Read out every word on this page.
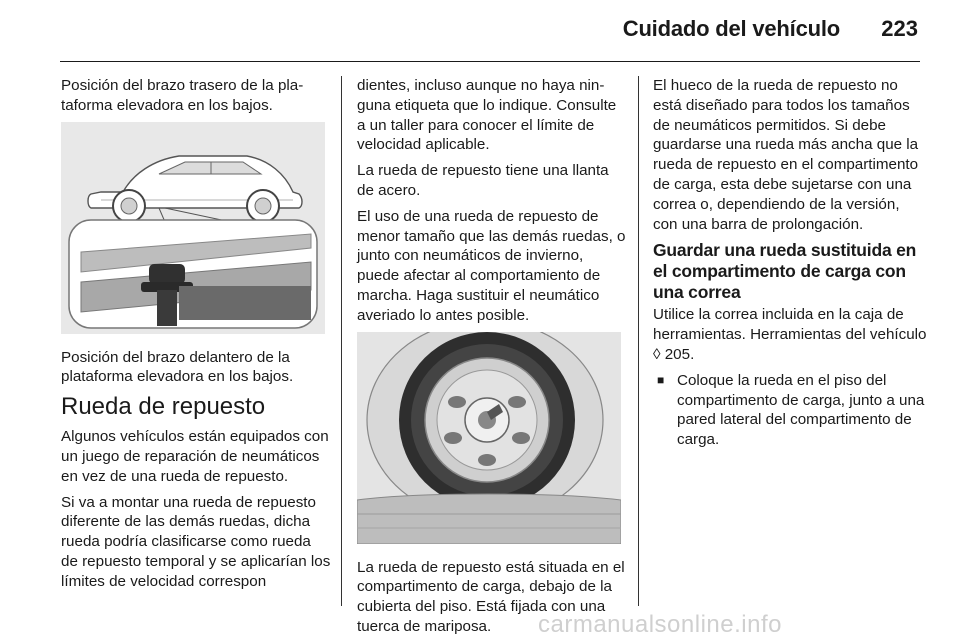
Cuidado del vehículo 223

Posición del brazo trasero de la plataforma elevadora en los bajos.

Posición del brazo delantero de la plataforma elevadora en los bajos.

Rueda de repuesto

Algunos vehículos están equipados con un juego de reparación de neumáticos en vez de una rueda de repuesto.

Si va a montar una rueda de repuesto diferente de las demás ruedas, dicha rueda podría clasificarse como rueda de repuesto temporal y se aplicarían los límites de velocidad correspon

dientes, incluso aunque no haya ninguna etiqueta que lo indique. Consulte a un taller para conocer el límite de velocidad aplicable.

La rueda de repuesto tiene una llanta de acero.

El uso de una rueda de repuesto de menor tamaño que las demás ruedas, o junto con neumáticos de invierno, puede afectar al comportamiento de marcha. Haga sustituir el neumático averiado lo antes posible.

La rueda de repuesto está situada en el compartimento de carga, debajo de la cubierta del piso. Está fijada con una tuerca de mariposa.

El hueco de la rueda de repuesto no está diseñado para todos los tamaños de neumáticos permitidos. Si debe guardarse una rueda más ancha que la rueda de repuesto en el compartimento de carga, esta debe sujetarse con una correa o, dependiendo de la versión, con una barra de prolongación.

Guardar una rueda sustituida en el compartimento de carga con una correa

Utilice la correa incluida en la caja de herramientas. Herramientas del vehículo ◊ 205.

■ Coloque la rueda en el piso del compartimento de carga, junto a una pared lateral del compartimento de carga.
carmanualsonline.info
